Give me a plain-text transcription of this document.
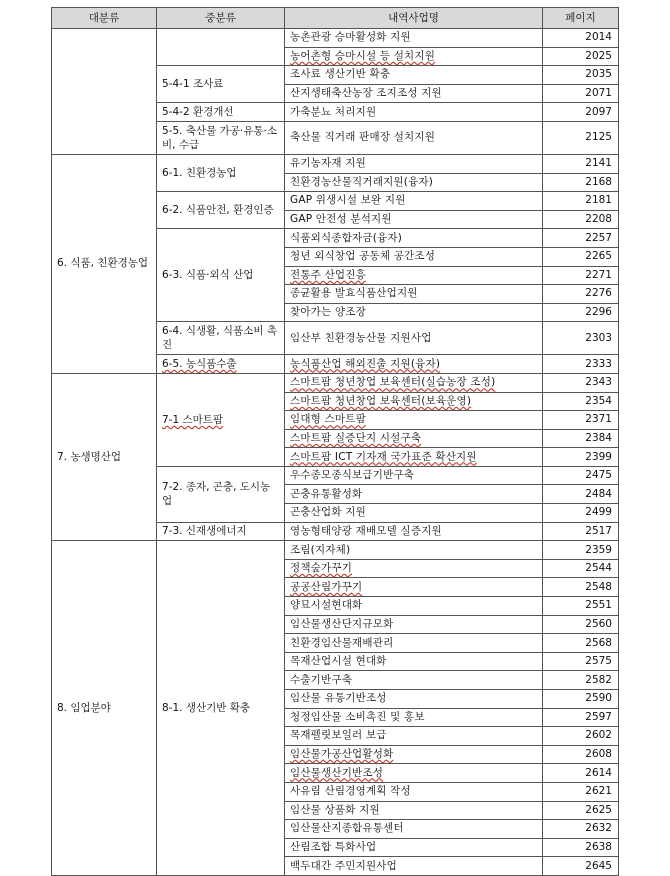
대분류	중분류	내역사업명	페이지
		농촌관광 승마활성화 지원	2014
		농어촌형 승마시설 등 설치지원	2025
	5-4-1 조사료	조사료 생산기반 확충	2035
		산지생태축산농장 조지조성 지원	2071
	5-4-2 환경개선	가축분뇨 처리지원	2097
	5-5. 축산물 가공·유통·소비, 수급	축산물 직거래 판매장 설치지원	2125
6. 식품, 친환경농업	6-1. 친환경농업	유기농자재 지원	2141
		친환경농산물직거래지원(융자)	2168
	6-2. 식품안전, 환경인증	GAP 위생시설 보완 지원	2181
		GAP 안전성 분석지원	2208
	6-3. 식품·외식 산업	식품외식종합자금(융자)	2257
		청년 외식창업 공동체 공간조성	2265
		전통주 산업진흥	2271
		종균활용 발효식품산업지원	2276
		찾아가는 양조장	2296
	6-4. 식생활, 식품소비 촉진	임산부 친환경농산물 지원사업	2303
	6-5. 농식품수출	농식품산업 해외진출 지원(융자)	2333
7. 농생명산업	7-1 스마트팜	스마트팜 청년창업 보육센터(실습농장 조성)	2343
		스마트팜 청년창업 보육센터(보육운영)	2354
		임대형 스마트팜	2371
		스마트팜 실증단지 시설구축	2384
		스마트팜 ICT 기자재 국가표준 확산지원	2399
	7-2. 종자, 곤충, 도시농업	우수종모종식보급기반구축	2475
		곤충유통활성화	2484
		곤충산업화 지원	2499
	7-3. 신재생에너지	영농형태양광 재배모델 실증지원	2517
8. 임업분야	8-1. 생산기반 확충	조림(지자체)	2359
		정책숲가꾸기	2544
		공공산림가꾸기	2548
		양묘시설현대화	2551
		임산물생산단지규모화	2560
		친환경임산물재배관리	2568
		목재산업시설 현대화	2575
		수출기반구축	2582
		임산물 유통기반조성	2590
		청정임산물 소비촉진 및 홍보	2597
		목재펠릿보일러 보급	2602
		임산물가공산업활성화	2608
		임산물생산기반조성	2614
		사유림 산림경영계획 작성	2621
		임산물 상품화 지원	2625
		임산물산지종합유통센터	2632
		산림조합 특화사업	2638
		백두대간 주민지원사업	2645
